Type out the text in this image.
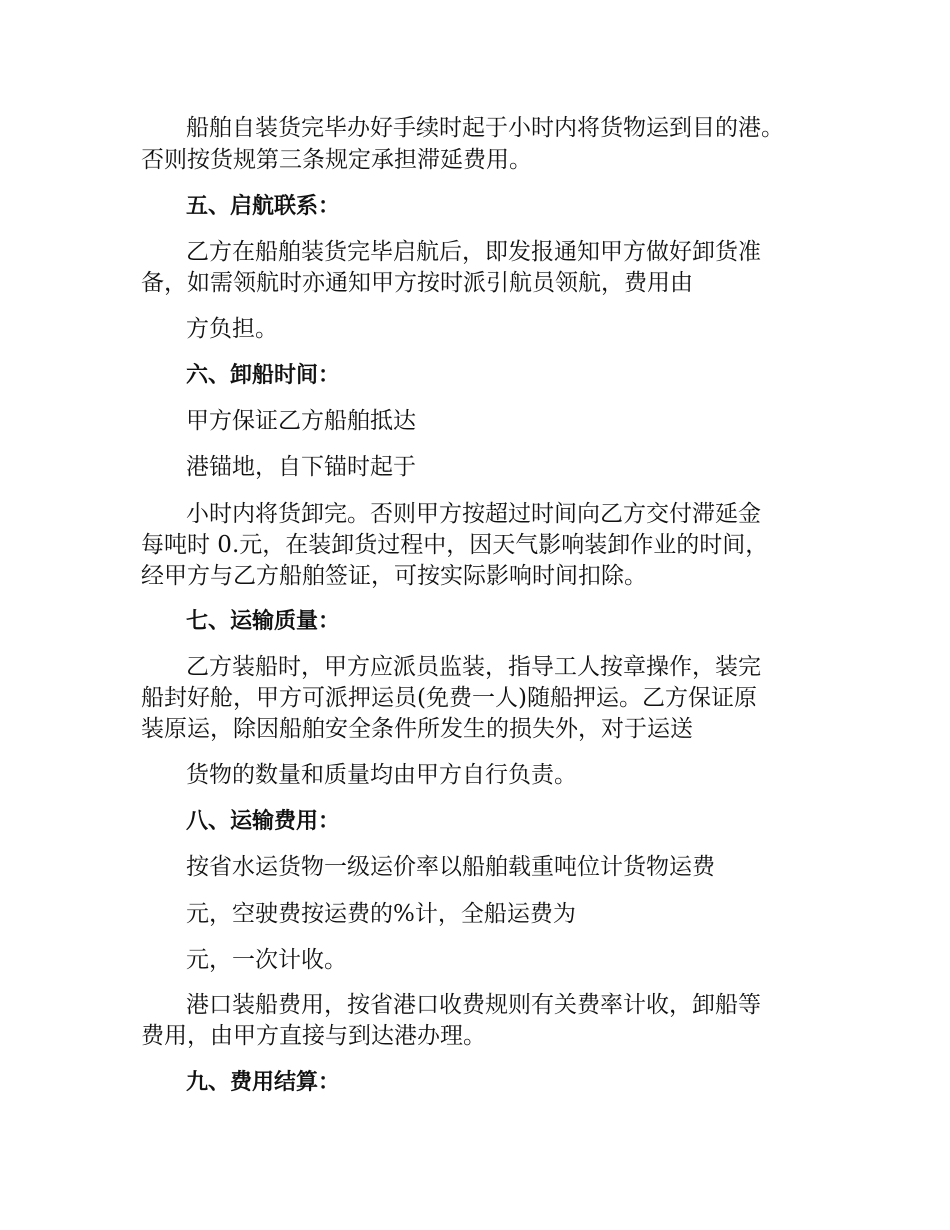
船舶自装货完毕办好手续时起于小时内将货物运到目的港。
否则按货规第三条规定承担滞延费用。
五、启航联系：
乙方在船舶装货完毕启航后，即发报通知甲方做好卸货准
备，如需领航时亦通知甲方按时派引航员领航，费用由
方负担。
六、卸船时间：
甲方保证乙方船舶抵达
港锚地，自下锚时起于
小时内将货卸完。否则甲方按超过时间向乙方交付滞延金
每吨时 0.元，在装卸货过程中，因天气影响装卸作业的时间，
经甲方与乙方船舶签证，可按实际影响时间扣除。
七、运输质量：
乙方装船时，甲方应派员监装，指导工人按章操作，装完
船封好舱，甲方可派押运员(免费一人)随船押运。乙方保证原
装原运，除因船舶安全条件所发生的损失外，对于运送
货物的数量和质量均由甲方自行负责。
八、运输费用：
按省水运货物一级运价率以船舶载重吨位计货物运费
元，空驶费按运费的%计，全船运费为
元，一次计收。
港口装船费用，按省港口收费规则有关费率计收，卸船等
费用，由甲方直接与到达港办理。
九、费用结算：
